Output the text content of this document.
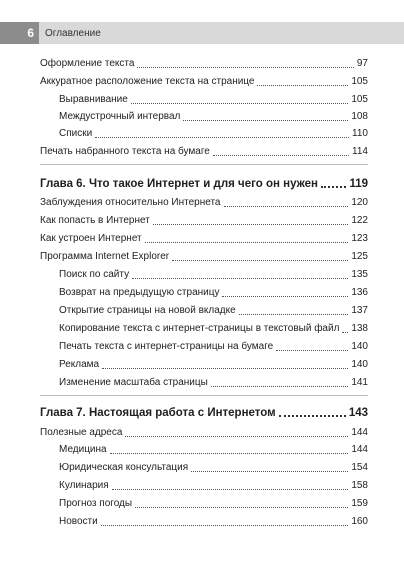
6	Оглавление
Оформление текста	97
Аккуратное расположение текста на странице	105
Выравнивание	105
Междустрочный интервал	108
Списки	110
Печать набранного текста на бумаге	114
Глава 6. Что такое Интернет и для чего он нужен	119
Заблуждения относительно Интернета	120
Как попасть в Интернет	122
Как устроен Интернет	123
Программа Internet Explorer	125
Поиск по сайту	135
Возврат на предыдущую страницу	136
Открытие страницы на новой вкладке	137
Копирование текста с интернет-страницы в текстовый файл 138
Печать текста с интернет-страницы на бумаге	140
Реклама	140
Изменение масштаба страницы	141
Глава 7. Настоящая работа с Интернетом	143
Полезные адреса	144
Медицина	144
Юридическая консультация	154
Кулинария	158
Прогноз погоды	159
Новости	160
